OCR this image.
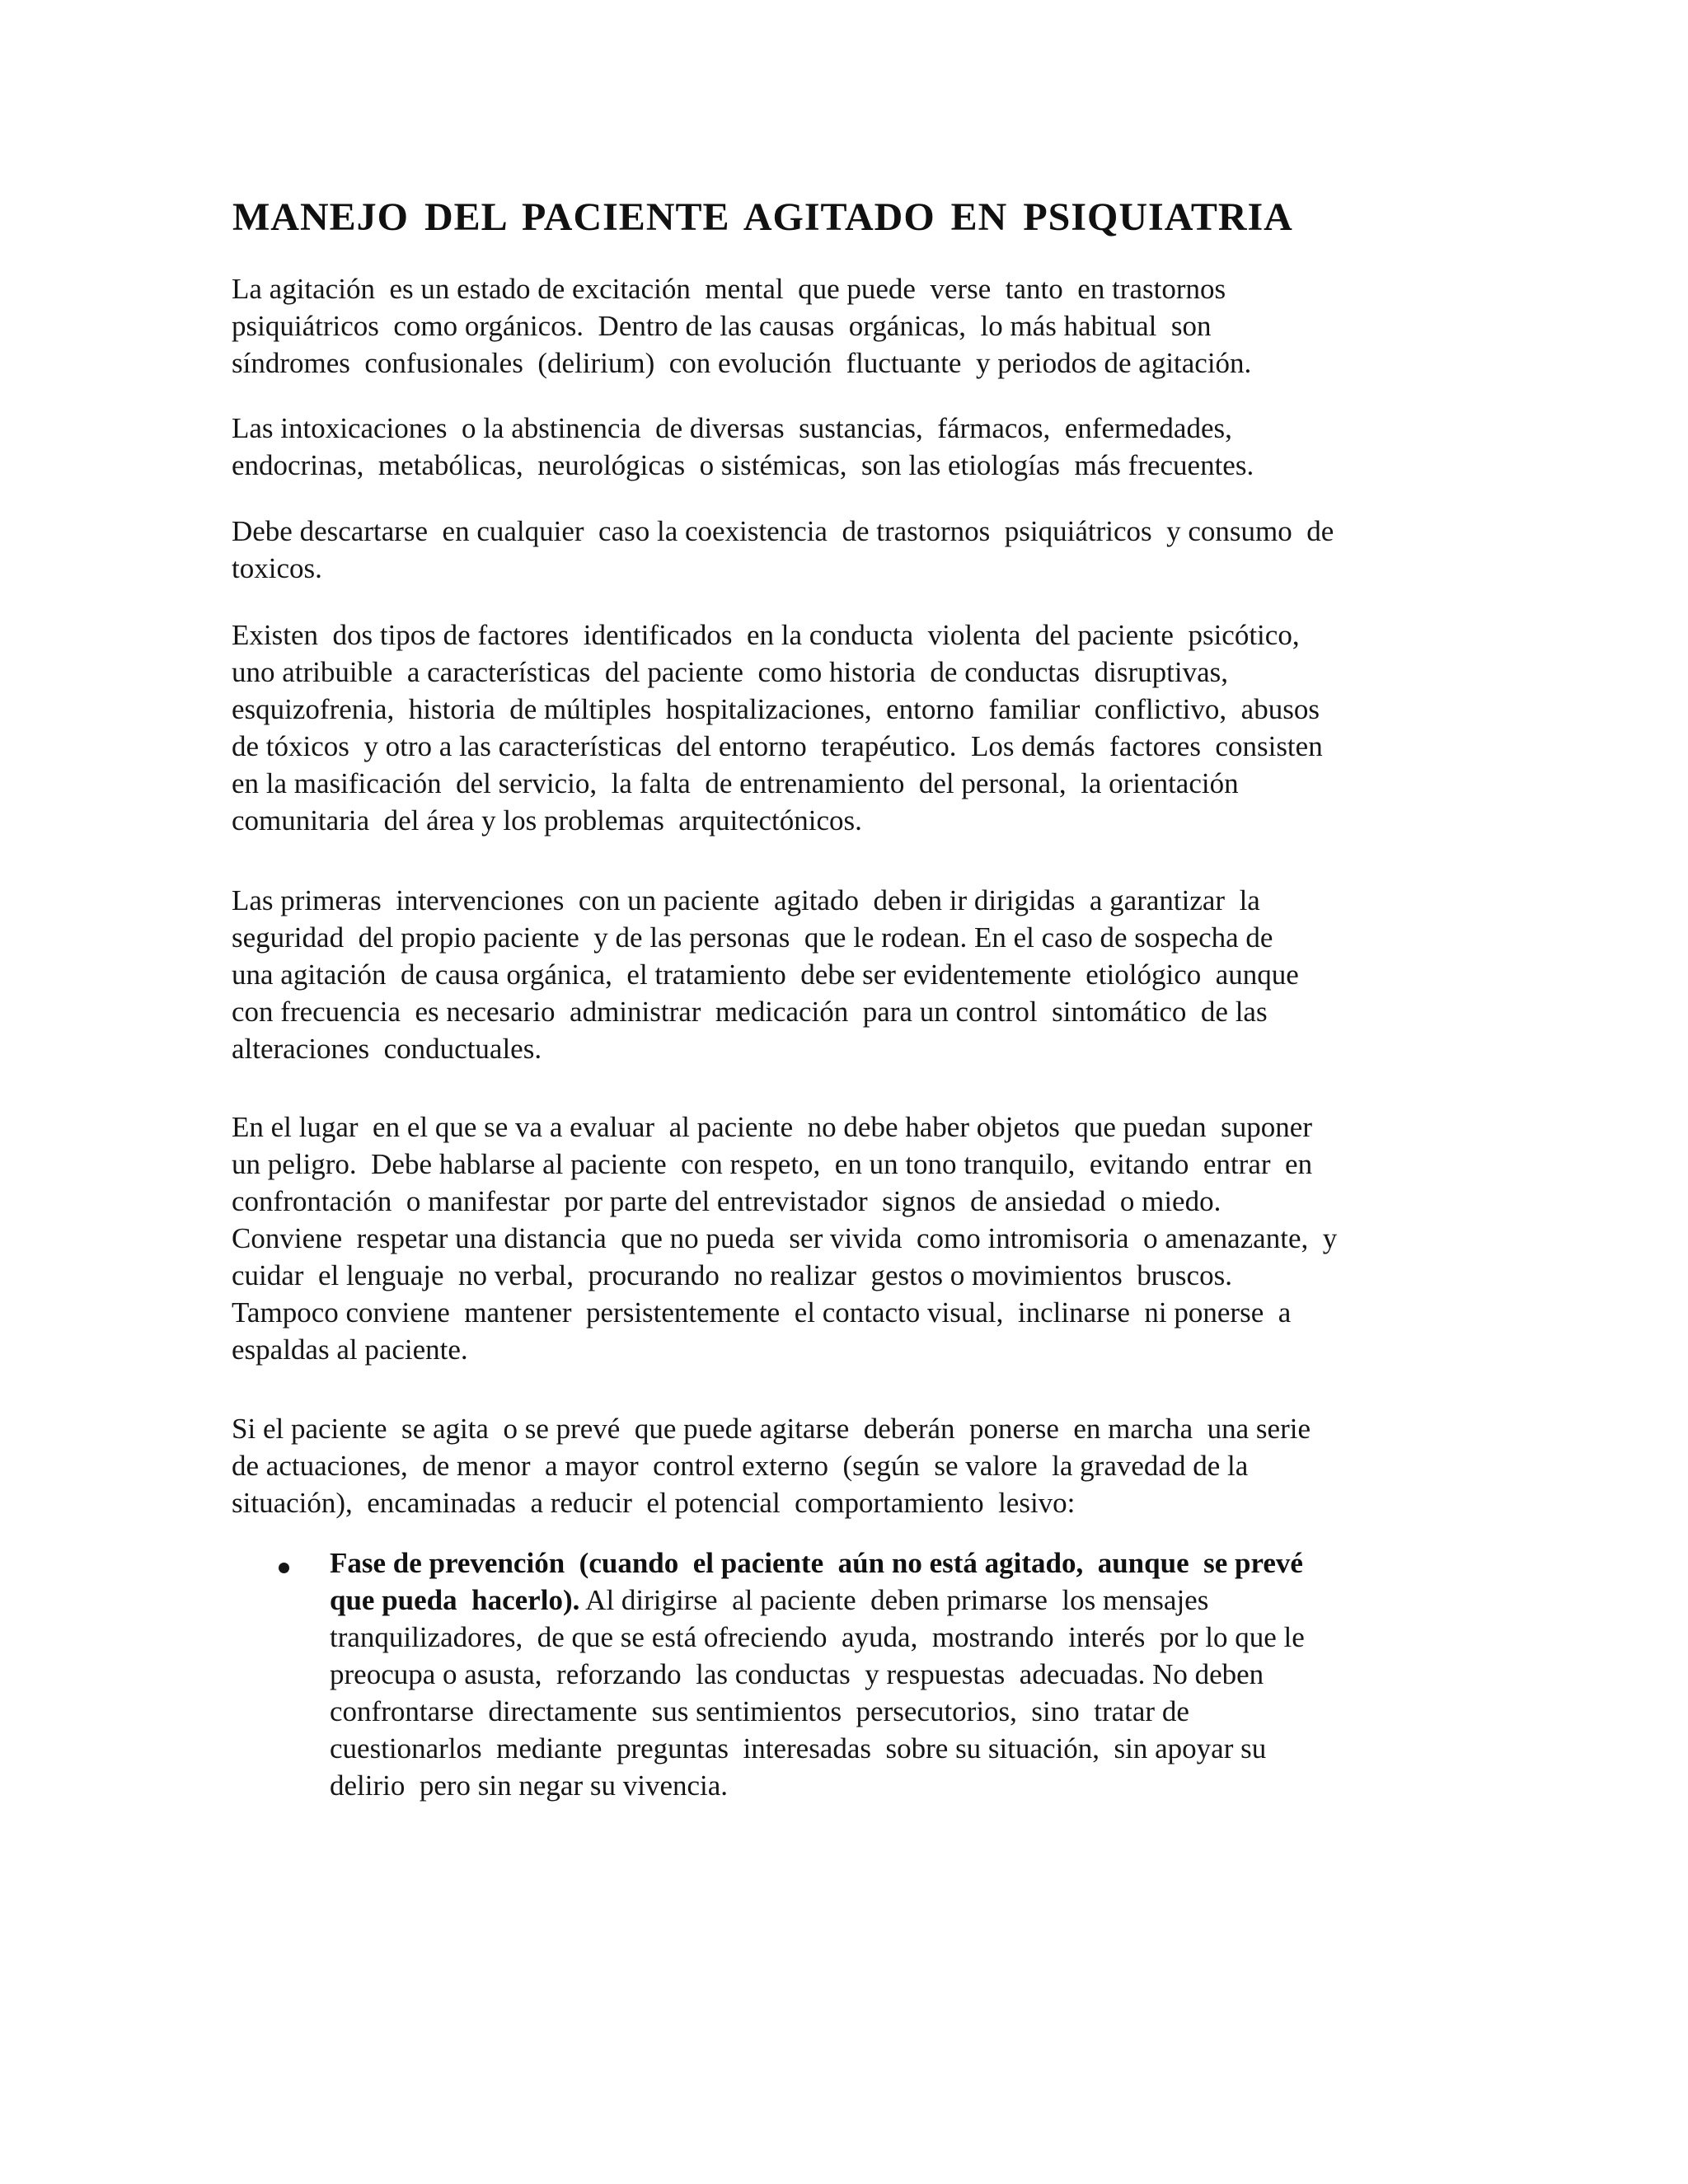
MANEJO DEL PACIENTE AGITADO EN PSIQUIATRIA
La agitación  es un estado de excitación  mental  que puede  verse  tanto  en trastornos
psiquiátricos  como orgánicos.  Dentro de las causas  orgánicas,  lo más habitual  son
síndromes  confusionales  (delirium)  con evolución  fluctuante  y periodos de agitación.
Las intoxicaciones  o la abstinencia  de diversas  sustancias,  fármacos,  enfermedades,
endocrinas,  metabólicas,  neurológicas  o sistémicas,  son las etiologías  más frecuentes.
Debe descartarse  en cualquier  caso la coexistencia  de trastornos  psiquiátricos  y consumo  de
toxicos.
Existen  dos tipos de factores  identificados  en la conducta  violenta  del paciente  psicótico,
uno atribuible  a características  del paciente  como historia  de conductas  disruptivas,
esquizofrenia,  historia  de múltiples  hospitalizaciones,  entorno  familiar  conflictivo,  abusos
de tóxicos  y otro a las características  del entorno  terapéutico.  Los demás  factores  consisten
en la masificación  del servicio,  la falta  de entrenamiento  del personal,  la orientación
comunitaria  del área y los problemas  arquitectónicos.
Las primeras  intervenciones  con un paciente  agitado  deben ir dirigidas  a garantizar  la
seguridad  del propio paciente  y de las personas  que le rodean. En el caso de sospecha de
una agitación  de causa orgánica,  el tratamiento  debe ser evidentemente  etiológico  aunque
con frecuencia  es necesario  administrar  medicación  para un control  sintomático  de las
alteraciones  conductuales.
En el lugar  en el que se va a evaluar  al paciente  no debe haber objetos  que puedan  suponer
un peligro.  Debe hablarse al paciente  con respeto,  en un tono tranquilo,  evitando  entrar  en
confrontación  o manifestar  por parte del entrevistador  signos  de ansiedad  o miedo.
Conviene  respetar una distancia  que no pueda  ser vivida  como intromisoria  o amenazante,  y
cuidar  el lenguaje  no verbal,  procurando  no realizar  gestos o movimientos  bruscos.
Tampoco conviene  mantener  persistentemente  el contacto visual,  inclinarse  ni ponerse  a
espaldas al paciente.
Si el paciente  se agita  o se prevé  que puede agitarse  deberán  ponerse  en marcha  una serie
de actuaciones,  de menor  a mayor  control externo  (según  se valore  la gravedad de la
situación),  encaminadas  a reducir  el potencial  comportamiento  lesivo:
Fase de prevención  (cuando  el paciente  aún no está agitado,  aunque  se prevé
que pueda  hacerlo). Al dirigirse  al paciente  deben primarse  los mensajes
tranquilizadores,  de que se está ofreciendo  ayuda,  mostrando  interés  por lo que le
preocupa o asusta,  reforzando  las conductas  y respuestas  adecuadas. No deben
confrontarse  directamente  sus sentimientos  persecutorios,  sino  tratar de
cuestionarlos  mediante  preguntas  interesadas  sobre su situación,  sin apoyar su
delirio  pero sin negar su vivencia.
